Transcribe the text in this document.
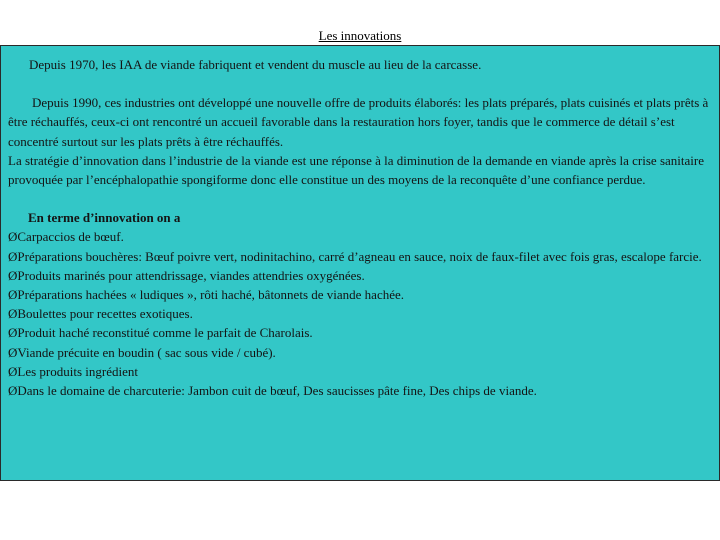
Les innovations

Depuis 1970, les IAA de viande fabriquent et vendent du muscle au lieu de la carcasse.

Depuis 1990, ces industries ont développé une nouvelle offre de produits élaborés: les plats préparés, plats cuisinés et plats prêts à être réchauffés, ceux-ci ont rencontré un accueil favorable dans la restauration hors foyer, tandis que le commerce de détail s’est concentré surtout sur les plats prêts à être réchauffés.

La stratégie d’innovation dans l’industrie de la viande est une réponse à la diminution de la demande en viande après la crise sanitaire provoquée par l’encéphalopathie spongiforme donc elle constitue un des moyens de la reconquête d’une confiance perdue.

En terme d’innovation on a

ØCarpaccios de bœuf.
ØPréparations bouchères: Bœuf poivre vert, nodinitachino, carré d’agneau en sauce, noix de faux-filet avec fois gras, escalope farcie.
ØProduits marinés pour attendrissage, viandes attendries oxygénées.
ØPréparations hachées « ludiques », rôti haché, bâtonnets de viande hachée.
ØBoulettes pour recettes exotiques.
ØProduit haché reconstitué comme le parfait de Charolais.
ØViande précuite en boudin ( sac sous vide / cubé).
ØLes produits ingrédient
ØDans le domaine de charcuterie: Jambon cuit de bœuf, Des saucisses pâte fine, Des chips de viande.
